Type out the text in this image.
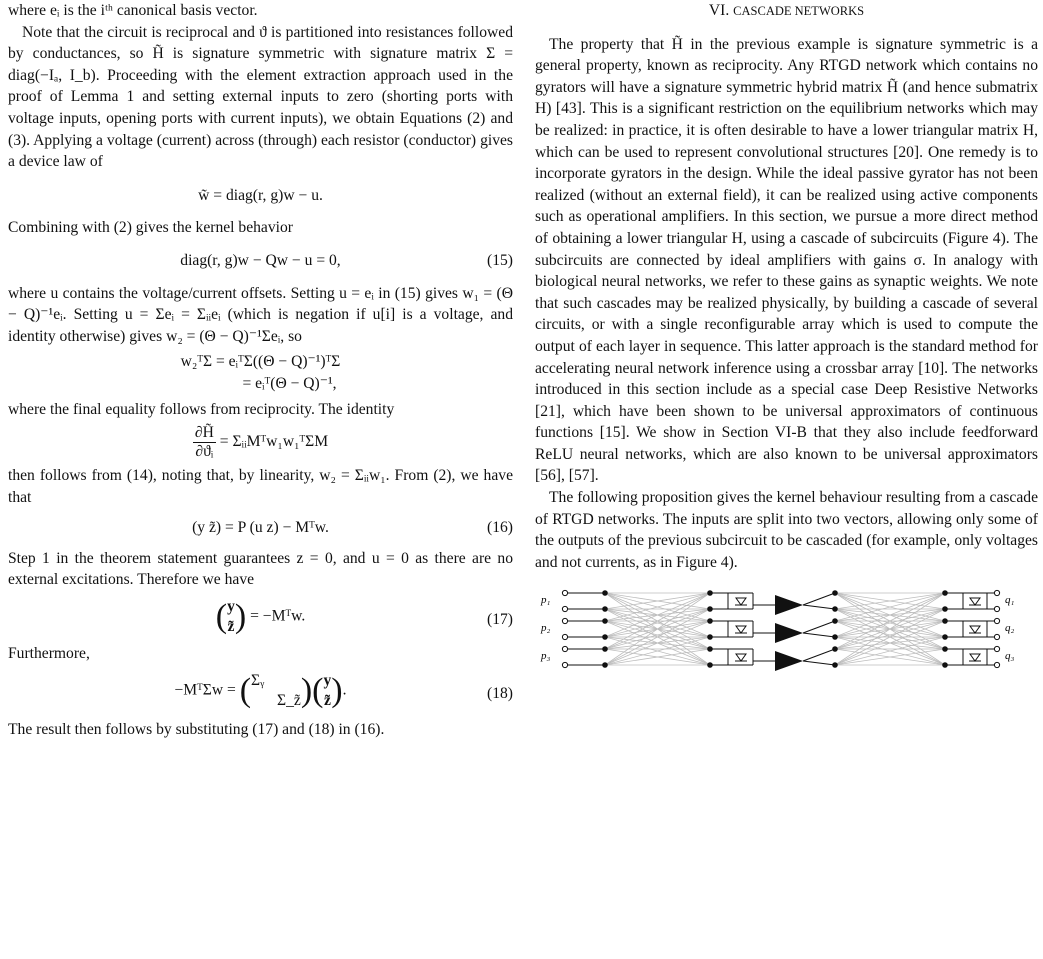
where eᵢ is the iᵗʰ canonical basis vector.

Note that the circuit is reciprocal and ϑ is partitioned into resistances followed by conductances, so H̃ is signature symmetric with signature matrix Σ = diag(−Iₐ, I_b). Proceeding with the element extraction approach used in the proof of Lemma 1 and setting external inputs to zero (shorting ports with voltage inputs, opening ports with current inputs), we obtain Equations (2) and (3). Applying a voltage (current) across (through) each resistor (conductor) gives a device law of

w̃ = diag(r, g)w − u.

Combining with (2) gives the kernel behavior

diag(r, g)w − Qw − u = 0,	(15)

where u contains the voltage/current offsets. Setting u = eᵢ in (15) gives w₁ = (Θ − Q)⁻¹eᵢ. Setting u = Σeᵢ = Σᵢᵢeᵢ (which is negation if u[i] is a voltage, and identity otherwise) gives w₂ = (Θ − Q)⁻¹Σeᵢ, so

w₂ᵀΣ = eᵢᵀΣ((Θ − Q)⁻¹)ᵀΣ
= eᵢᵀ(Θ − Q)⁻¹,

where the final equality follows from reciprocity. The identity

$\frac{\partial H̃}{\text{∂ϑᵢ}}$ = ΣᵢᵢMᵀw₁w₁ᵀΣM

then follows from (14), noting that, by linearity, w₂ = Σᵢᵢw₁. From (2), we have that

(y z̃) = P (u z) − Mᵀw.	(16)

Step 1 in the theorem statement guarantees z = 0, and u = 0 as there are no external excitations. Therefore we have

( y
z̃ ) = −Mᵀw.	(17)

Furthermore,

−MᵀΣw = ( Σᵧ
Σ_z̃ )( y
z̃ ).	(18)

The result then follows by substituting (17) and (18) in (16).

VI. CASCADE NETWORKS

The property that H̃ in the previous example is signature symmetric is a general property, known as reciprocity. Any RTGD network which contains no gyrators will have a signature symmetric hybrid matrix H̃ (and hence submatrix H) [43]. This is a significant restriction on the equilibrium networks which may be realized: in practice, it is often desirable to have a lower triangular matrix H, which can be used to represent convolutional structures [20]. One remedy is to incorporate gyrators in the design. While the ideal passive gyrator has not been realized (without an external field), it can be realized using active components such as operational amplifiers. In this section, we pursue a more direct method of obtaining a lower triangular H, using a cascade of subcircuits (Figure 4). The subcircuits are connected by ideal amplifiers with gains σ. In analogy with biological neural networks, we refer to these gains as synaptic weights. We note that such cascades may be realized physically, by building a cascade of several circuits, or with a single reconfigurable array which is used to compute the output of each layer in sequence. This latter approach is the standard method for accelerating neural network inference using a crossbar array [10]. The networks introduced in this section include as a special case Deep Resistive Networks [21], which have been shown to be universal approximators of continuous functions [15]. We show in Section VI-B that they also include feedforward ReLU neural networks, which are also known to be universal approximators [56], [57].

The following proposition gives the kernel behaviour resulting from a cascade of RTGD networks. The inputs are split into two vectors, allowing only some of the outputs of the previous subcircuit to be cascaded (for example, only voltages and not currents, as in Figure 4).

p₁
p₂
p₃
q₁
q₂
q₃
